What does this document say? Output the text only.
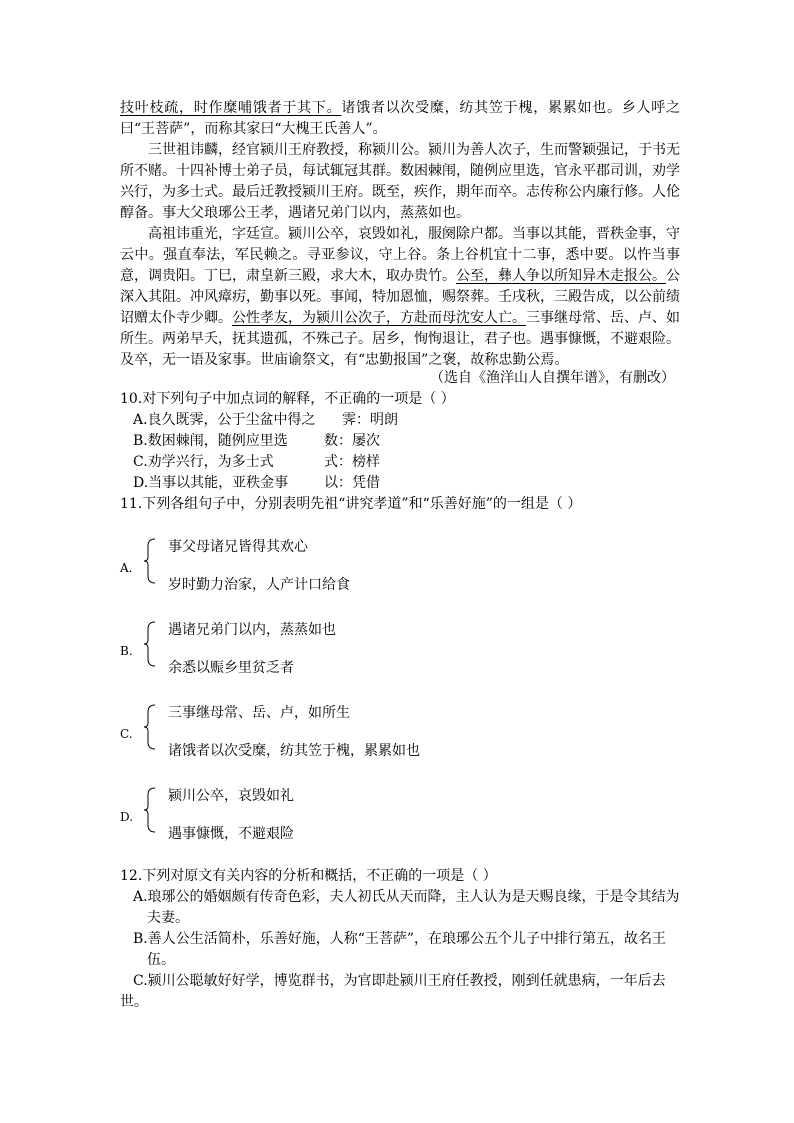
技叶枝疏，时作糜哺饿者于其下。诸饿者以次受糜，纺其笠于槐，累累如也。乡人呼之曰“王菩萨”，而称其家曰“大槐王氏善人”。

三世祖讳麟，经官颍川王府教授，称颍川公。颍川为善人次子，生而警颖强记，于书无所不赌。十四补博士弟子员，每试辄冠其群。数困棘闱，随例应里选，官永平郡司训，劝学兴行，为多士式。最后迁教授颍川王府。既至，疾作，期年而卒。志传称公内廉行修。人伦醇备。事大父琅琊公王孝，遇诸兄弟门以内，蒸蒸如也。

高祖讳重光，字廷宣。颍川公卒，哀毁如礼，服阕除户都。当事以其能，晋秩金事，守云中。强直奉法，军民赖之。寻亚参议，守上谷。条上谷机宜十二事，悉中要。以忤当事意，调贵阳。丁巳，肃皇新三殿，求大木，取办贵竹。公至，彝人争以所知异木走报公。公深入其阻。冲风瘴疠，勤事以死。事闻，特加恩恤，赐祭葬。壬戌秋，三殿告成，以公前绩诏赠太仆寺少卿。公性孝友，为颍川公次子，方赴而母沈安人亡。三事继母常、岳、卢、如所生。两弟早夭，抚其遗孤，不殊己子。居乡，恂恂退让，君子也。遇事慷慨，不避艰险。及卒，无一语及家事。世庙谕祭文，有“忠勤报国”之褒，故称忠勤公焉。

（选自《渔洋山人自撰年谱》，有删改）
10.对下列句子中加点词的解释，不正确的一项是（ ）
A.良久既霁，公于尘盆中得之 霁：明朗
B.数困棘闱，随例应里选	数：屡次
C.劝学兴行，为多士式	式：榜样
D.当事以其能，亚秩金事	以：凭借
11.下列各组句子中，分别表明先祖“讲究孝道”和“乐善好施”的一组是（ ）
A.
事父母诸兄皆得其欢心
岁时勤力治家，人产计口给食
B.
遇诸兄弟门以内，蒸蒸如也
余悉以赈乡里贫乏者
C.
三事继母常、岳、卢，如所生
诸饿者以次受糜，纺其笠于槐，累累如也
D.
颍川公卒，哀毁如礼
遇事慷慨，不避艰险
12.下列对原文有关内容的分析和概括，不正确的一项是（ ）
A.琅琊公的婚姻颇有传奇色彩，夫人初氏从天而降，主人认为是天赐良缘，于是令其结为夫妻。
B.善人公生活简朴，乐善好施，人称“王菩萨”，在琅琊公五个儿子中排行第五，故名王伍。
C.颍川公聪敏好好学，博览群书，为官即赴颍川王府任教授，刚到任就患病，一年后去世。
